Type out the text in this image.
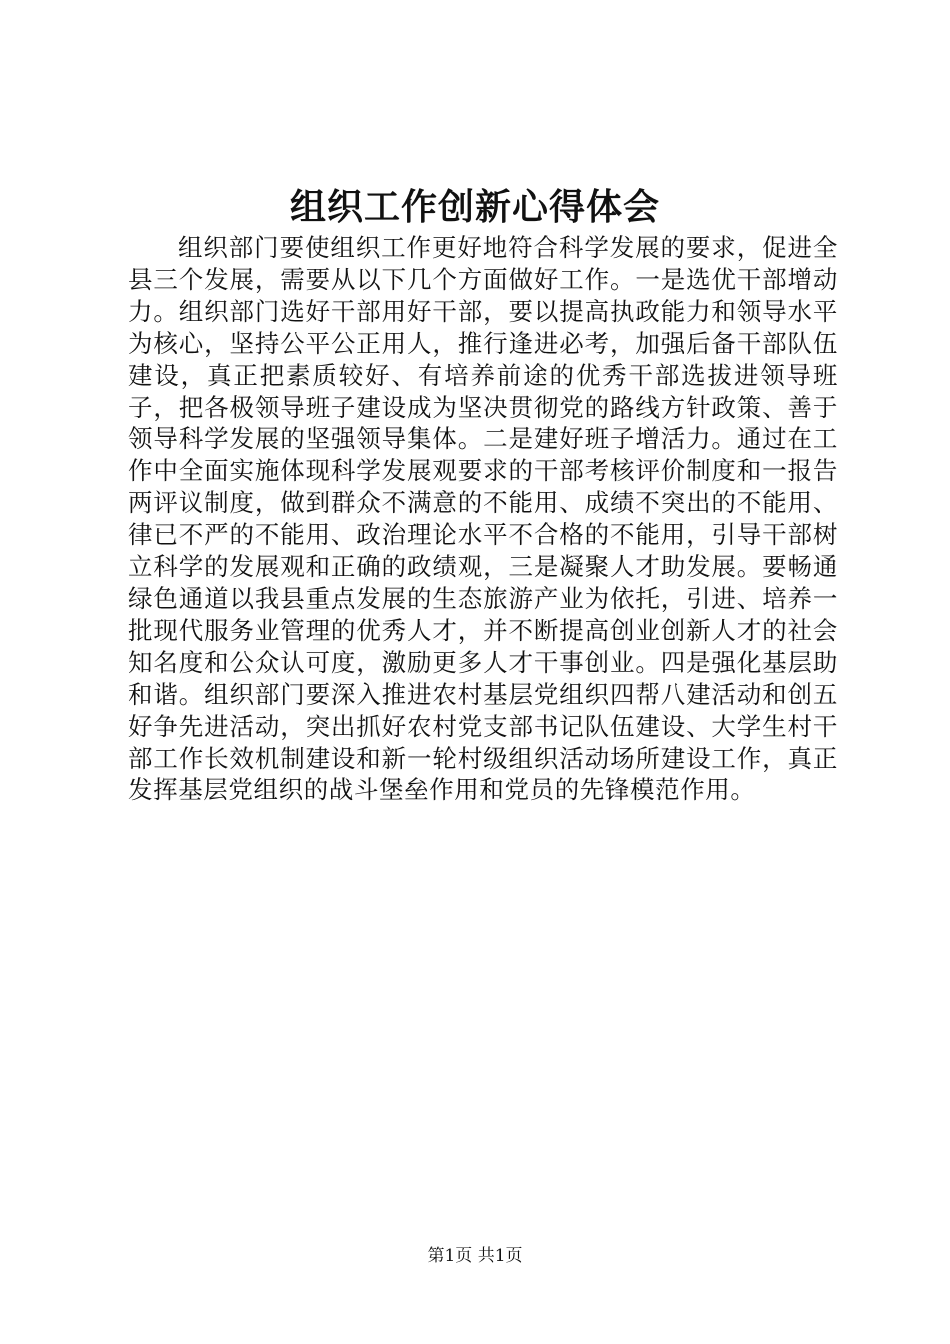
组织工作创新心得体会

组织部门要使组织工作更好地符合科学发展的要求，促进全县三个发展，需要从以下几个方面做好工作。一是选优干部增动力。组织部门选好干部用好干部，要以提高执政能力和领导水平为核心，坚持公平公正用人，推行逢进必考，加强后备干部队伍建设，真正把素质较好、有培养前途的优秀干部选拔进领导班子，把各极领导班子建设成为坚决贯彻党的路线方针政策、善于领导科学发展的坚强领导集体。二是建好班子增活力。通过在工作中全面实施体现科学发展观要求的干部考核评价制度和一报告两评议制度，做到群众不满意的不能用、成绩不突出的不能用、律已不严的不能用、政治理论水平不合格的不能用，引导干部树立科学的发展观和正确的政绩观，三是凝聚人才助发展。要畅通绿色通道以我县重点发展的生态旅游产业为依托，引进、培养一批现代服务业管理的优秀人才，并不断提高创业创新人才的社会知名度和公众认可度，激励更多人才干事创业。四是强化基层助和谐。组织部门要深入推进农村基层党组织四帮八建活动和创五好争先进活动，突出抓好农村党支部书记队伍建设、大学生村干部工作长效机制建设和新一轮村级组织活动场所建设工作，真正发挥基层党组织的战斗堡垒作用和党员的先锋模范作用。

第1页 共1页
